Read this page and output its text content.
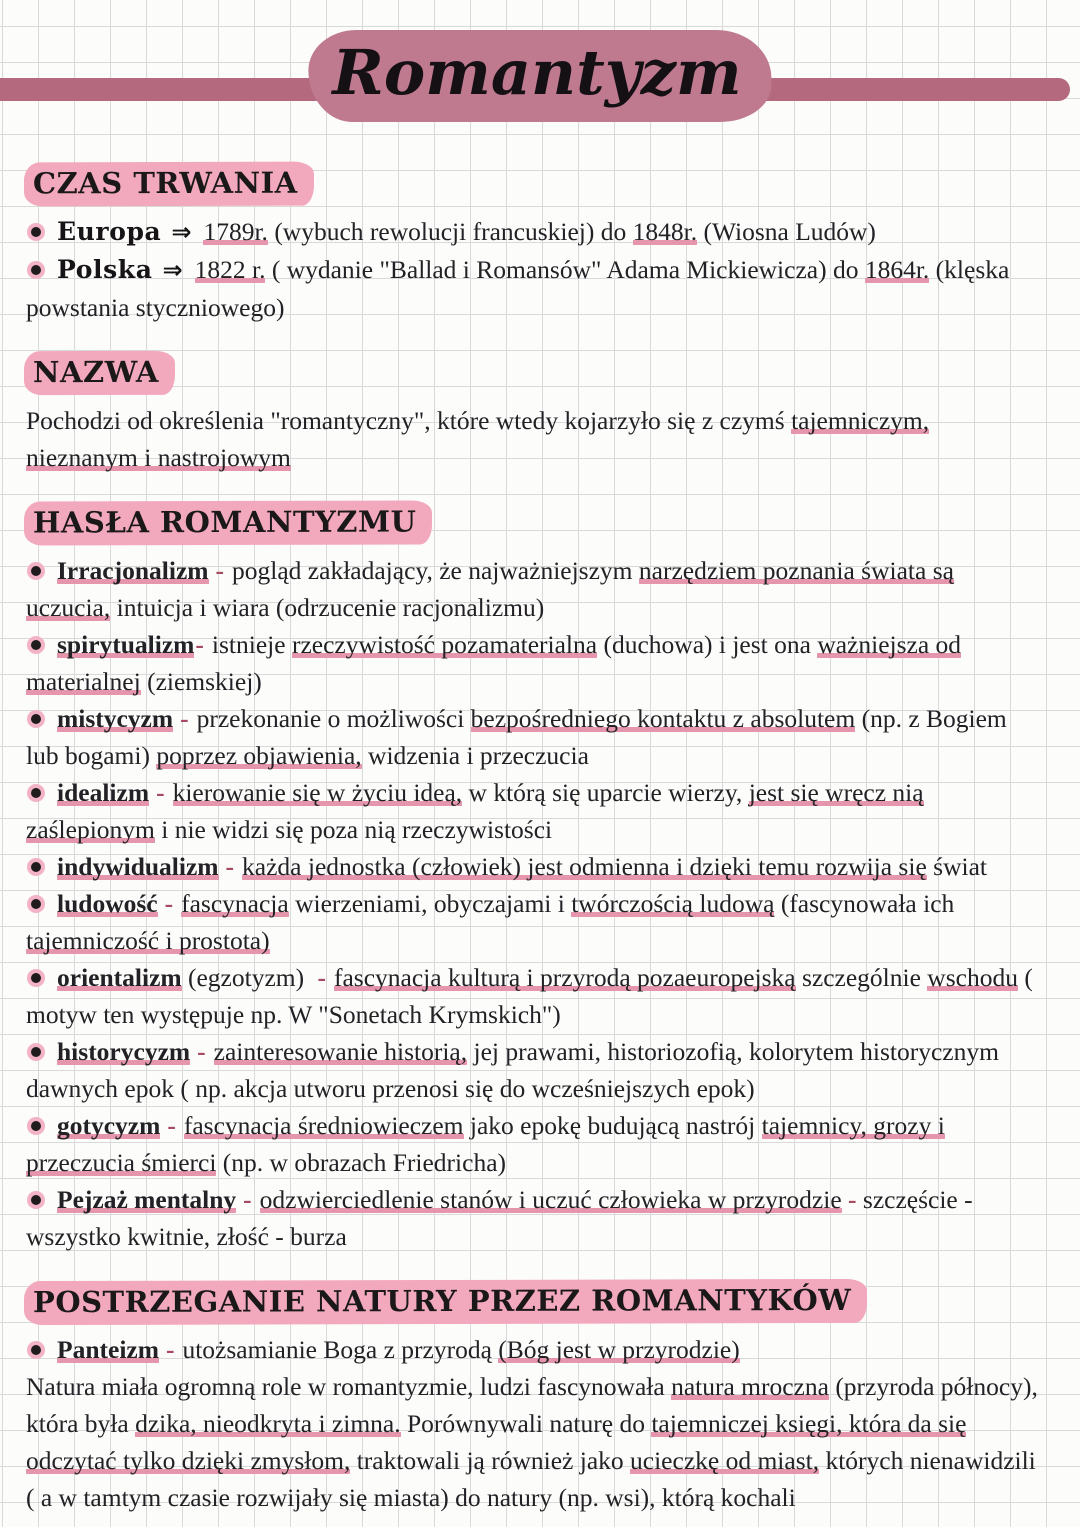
Romantyzm
CZAS TRWANIA

Europa ⇒ 1789r. (wybuch rewolucji francuskiej) do 1848r. (Wiosna Ludów)

Polska ⇒ 1822 r. ( wydanie "Ballad i Romansów" Adama Mickiewicza) do 1864r. (klęska powstania styczniowego)

NAZWA

Pochodzi od określenia "romantyczny", które wtedy kojarzyło się z czymś tajemniczym, nieznanym i nastrojowym

HASŁA ROMANTYZMU

Irracjonalizm - pogląd zakładający, że najważniejszym narzędziem poznania świata są uczucia, intuicja i wiara (odrzucenie racjonalizmu)

spirytualizm- istnieje rzeczywistość pozamaterialna (duchowa) i jest ona ważniejsza od materialnej (ziemskiej)

mistycyzm - przekonanie o możliwości bezpośredniego kontaktu z absolutem (np. z Bogiem lub bogami) poprzez objawienia, widzenia i przeczucia

idealizm - kierowanie się w życiu ideą, w którą się uparcie wierzy, jest się wręcz nią zaślepionym i nie widzi się poza nią rzeczywistości

indywidualizm - każda jednostka (człowiek) jest odmienna i dzięki temu rozwija się świat

ludowość - fascynacja wierzeniami, obyczajami i twórczością ludową (fascynowała ich tajemniczość i prostota)

orientalizm (egzotyzm) - fascynacja kulturą i przyrodą pozaeuropejską szczególnie wschodu ( motyw ten występuje np. W "Sonetach Krymskich")

historycyzm - zainteresowanie historią, jej prawami, historiozofią, kolorytem historycznym dawnych epok ( np. akcja utworu przenosi się do wcześniejszych epok)

gotycyzm - fascynacja średniowieczem jako epokę budującą nastrój tajemnicy, grozy i przeczucia śmierci (np. w obrazach Friedricha)

Pejzaż mentalny - odzwierciedlenie stanów i uczuć człowieka w przyrodzie - szczęście - wszystko kwitnie, złość - burza

POSTRZEGANIE NATURY PRZEZ ROMANTYKÓW

Panteizm - utożsamianie Boga z przyrodą (Bóg jest w przyrodzie)

Natura miała ogromną role w romantyzmie, ludzi fascynowała natura mroczna (przyroda północy), która była dzika, nieodkryta i zimna. Porównywali naturę do tajemniczej księgi, która da się odczytać tylko dzięki zmysłom, traktowali ją również jako ucieczkę od miast, których nienawidzili ( a w tamtym czasie rozwijały się miasta) do natury (np. wsi), którą kochali
